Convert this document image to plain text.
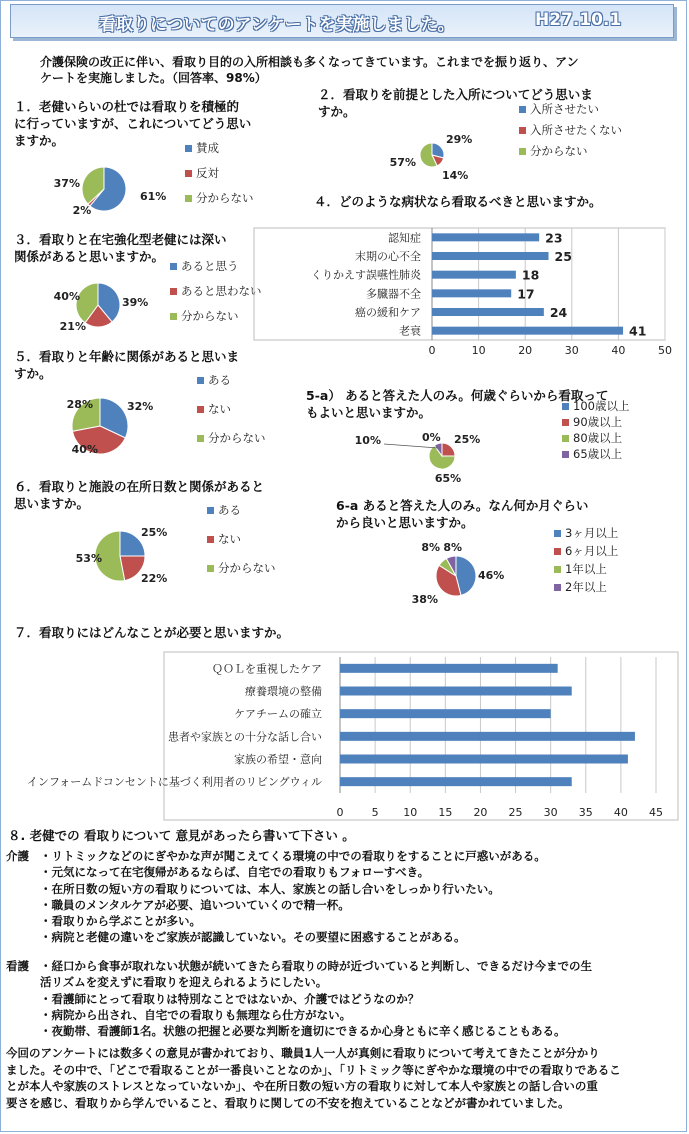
看取りについてのアンケートを実施しました。	H27.10.1
介護保険の改正に伴い、看取り目的の入所相談も多くなってきています。これまでを振り返り、アン
ケートを実施しました。（回答率、98%）
１．老健いらいの杜では看取りを積極的
に行っていますが、これについてどう思い
ますか。
２．看取りを前提とした入所についてどう思いま
すか。
３．看取りと在宅強化型老健には深い
関係があると思いますか。
４．どのような病状なら看取るべきと思いますか。
５．看取りと年齢に関係があると思いま
すか。
5-a） あると答えた人のみ。何歳ぐらいから看取って
もよいと思いますか。
６．看取りと施設の在所日数と関係があると
思いますか。	6-a あると答えた人のみ。なん何か月ぐらい
から良いと思いますか。
７．看取りにはどんなことが必要と思いますか。
61%
2%
37%
賛成
反対
分からない
29%
14%
57%
入所させたい
入所させたくない
分からない
39%
21%
40%
あると思う
あると思わない
分からない
32%
40%
28%
ある
ない
分からない	0% 25%
65%
10%
100歳以上
90歳以上
80歳以上
65歳以上
25%
22%
53%
ある
ない
分からない
46%
38%
8% 8%
3ヶ月以上
6ヶ月以上
1年以上
2年以上
0	10	20	30	40	50
認知症	23
末期の心不全	25
くりかえす誤嚥性肺炎	18
多臓器不全	17
癌の緩和ケア	24
老衰	41
0	5 10 15 20 25 30 35 40 45
ＱＯＬを重視したケア
療養環境の整備
ケアチームの確立
患者や家族との十分な話し合い
家族の希望・意向
インフォームドコンセントに基づく利用者のリビングウィル
８. 老健での 看取りについて 意見があったら書いて下さい 。
介護 ・リトミックなどのにぎやかな声が聞こえてくる環境の中での看取りをすることに戸惑いがある。
・元気になって在宅復帰があるならば、自宅での看取りもフォローすべき。
・在所日数の短い方の看取りについては、本人、家族との話し合いをしっかり行いたい。
・職員のメンタルケアが必要、追いついていくので精一杯。
・看取りから学ぶことが多い。
・病院と老健の違いをご家族が認識していない。その要望に困惑することがある。
看護 ・経口から食事が取れない状態が続いてきたら看取りの時が近づいていると判断し、できるだけ今までの生
活リズムを変えずに看取りを迎えられるようにしたい。
・看護師にとって看取りは特別なことではないか、介護ではどうなのか？
・病院から出され、自宅での看取りも無理なら仕方がない。
・夜勤帯、看護師1名。状態の把握と必要な判断を適切にできるか心身ともに辛く感じることもある。
今回のアンケートには数多くの意見が書かれており、職員1人一人が真剣に看取りについて考えてきたことが分かり
ました。その中で、「どこで看取ることが一番良いことなのか」、「リトミック等にぎやかな環境の中での看取りであるこ
とが本人や家族のストレスとなっていないか」、や在所日数の短い方の看取りに対して本人や家族との話し合いの重
要さを感じ、看取りから学んでいること、看取りに関しての不安を抱えていることなどが書かれていました。
